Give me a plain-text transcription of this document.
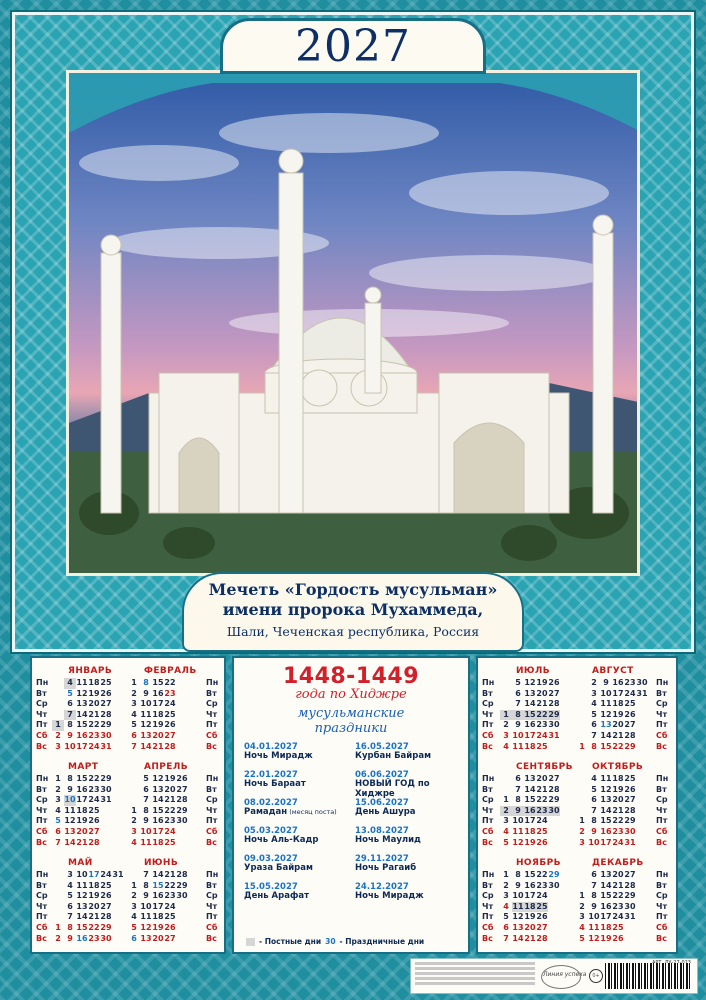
2027
Мечеть «Гордость мусульман»
имени пророка Мухаммеда,
Шали, Чеченская республика, Россия
Пн
Вт
Ср
Чт
Пт
Сб
Вс
ЯНВАРЬ
4 11 18 25
5 12 19 26
6 13 20 27
7 14 21 28
1 8 15 22 29
2 9 16 23 30
3 10 17 24 31
ФЕВРАЛЬ
1 8 15 22
2 9 16 23
3 10 17 24
4 11 18 25
5 12 19 26
6 13 20 27
7 14 21 28
Пн
Вт
Ср
Чт
Пт
Сб
Вс
Пн
Вт
Ср
Чт
Пт
Сб
Вс
МАРТ
1 8 15 22 29
2 9 16 23 30
3 10 17 24 31
4 11 18 25
5 12 19 26
6 13 20 27
7 14 21 28
АПРЕЛЬ
5 12 19 26
6 13 20 27
7 14 21 28
1 8 15 22 29
2 9 16 23 30
3 10 17 24
4 11 18 25
Пн
Вт
Ср
Чт
Пт
Сб
Вс
Пн
Вт
Ср
Чт
Пт
Сб
Вс
МАЙ
3 10 17 24 31
4 11 18 25
5 12 19 26
6 13 20 27
7 14 21 28
1 8 15 22 29
2 9 16 23 30
ИЮНЬ
7 14 21 28
1 8 15 22 29
2 9 16 23 30
3 10 17 24
4 11 18 25
5 12 19 26
6 13 20 27
Пн
Вт
Ср
Чт
Пт
Сб
Вс
Пн
Вт
Ср
Чт
Пт
Сб
Вс
ИЮЛЬ
5 12 19 26
6 13 20 27
7 14 21 28
1 8 15 22 29
2 9 16 23 30
3 10 17 24 31
4 11 18 25
АВГУСТ
2 9 16 23 30
3 10 17 24 31
4 11 18 25
5 12 19 26
6 13 20 27
7 14 21 28
1 8 15 22 29
Пн
Вт
Ср
Чт
Пт
Сб
Вс
Пн
Вт
Ср
Чт
Пт
Сб
Вс
СЕНТЯБРЬ
6 13 20 27
7 14 21 28
1 8 15 22 29
2 9 16 23 30
3 10 17 24
4 11 18 25
5 12 19 26
ОКТЯБРЬ
4 11 18 25
5 12 19 26
6 13 20 27
7 14 21 28
1 8 15 22 29
2 9 16 23 30
3 10 17 24 31
Пн
Вт
Ср
Чт
Пт
Сб
Вс
Пн
Вт
Ср
Чт
Пт
Сб
Вс
НОЯБРЬ
1 8 15 22 29
2 9 16 23 30
3 10 17 24
4 11 18 25
5 12 19 26
6 13 20 27
7 14 21 28
ДЕКАБРЬ
6 13 20 27
7 14 21 28
1 8 15 22 29
2 9 16 23 30
3 10 17 24 31
4 11 18 25
5 12 19 26
Пн
Вт
Ср
Чт
Пт
Сб
Вс
1448-1449
года по Хиджре
мусульманские
праздники
04.01.2027
Ночь Мирадж
22.01.2027
Ночь Бараат
08.02.2027
Рамадан (месяц поста)
05.03.2027
Ночь Аль-Кадр
09.03.2027
Ураза Байрам
15.05.2027
День Арафат
16.05.2027
Курбан Байрам
06.06.2027
НОВЫЙ ГОД по Хиджре
15.06.2027
День Ашура
13.08.2027
Ночь Маулид
29.11.2027
Ночь Рагаиб
24.12.2027
Ночь Мирадж
- Постные дни 30 - Праздничные дни
Линия успеха	0+
